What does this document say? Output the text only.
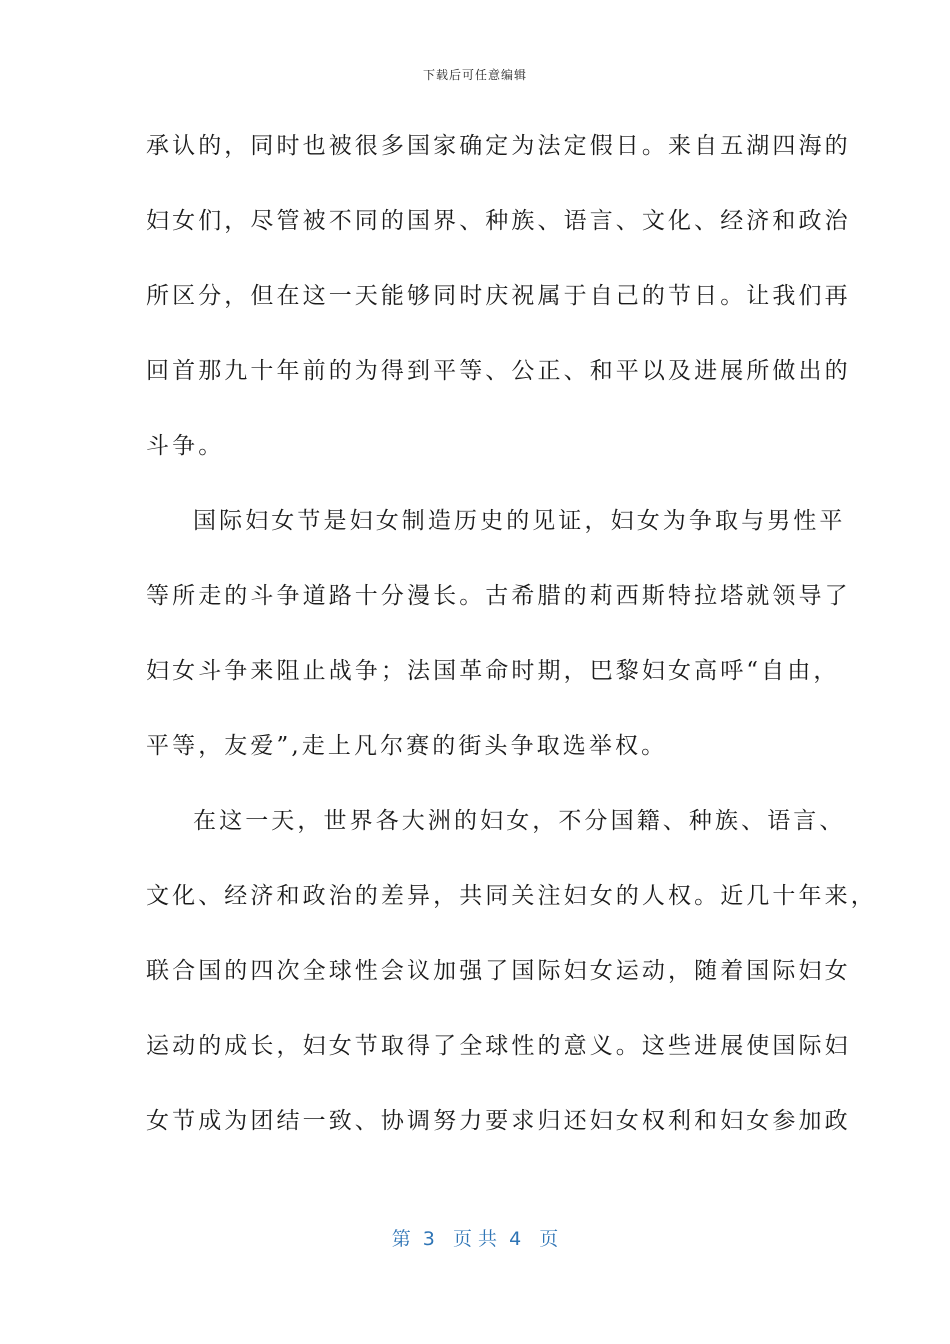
下载后可任意编辑
承认的，同时也被很多国家确定为法定假日。来自五湖四海的
妇女们，尽管被不同的国界、种族、语言、文化、经济和政治
所区分，但在这一天能够同时庆祝属于自己的节日。让我们再
回首那九十年前的为得到平等、公正、和平以及进展所做出的
斗争。
国际妇女节是妇女制造历史的见证，妇女为争取与男性平
等所走的斗争道路十分漫长。古希腊的莉西斯特拉塔就领导了
妇女斗争来阻止战争；法国革命时期，巴黎妇女高呼“自由，
平等，友爱”,走上凡尔赛的街头争取选举权。
在这一天，世界各大洲的妇女，不分国籍、种族、语言、
文化、经济和政治的差异，共同关注妇女的人权。近几十年来，
联合国的四次全球性会议加强了国际妇女运动，随着国际妇女
运动的成长，妇女节取得了全球性的意义。这些进展使国际妇
女节成为团结一致、协调努力要求归还妇女权利和妇女参加政
第  3   页 共  4   页
